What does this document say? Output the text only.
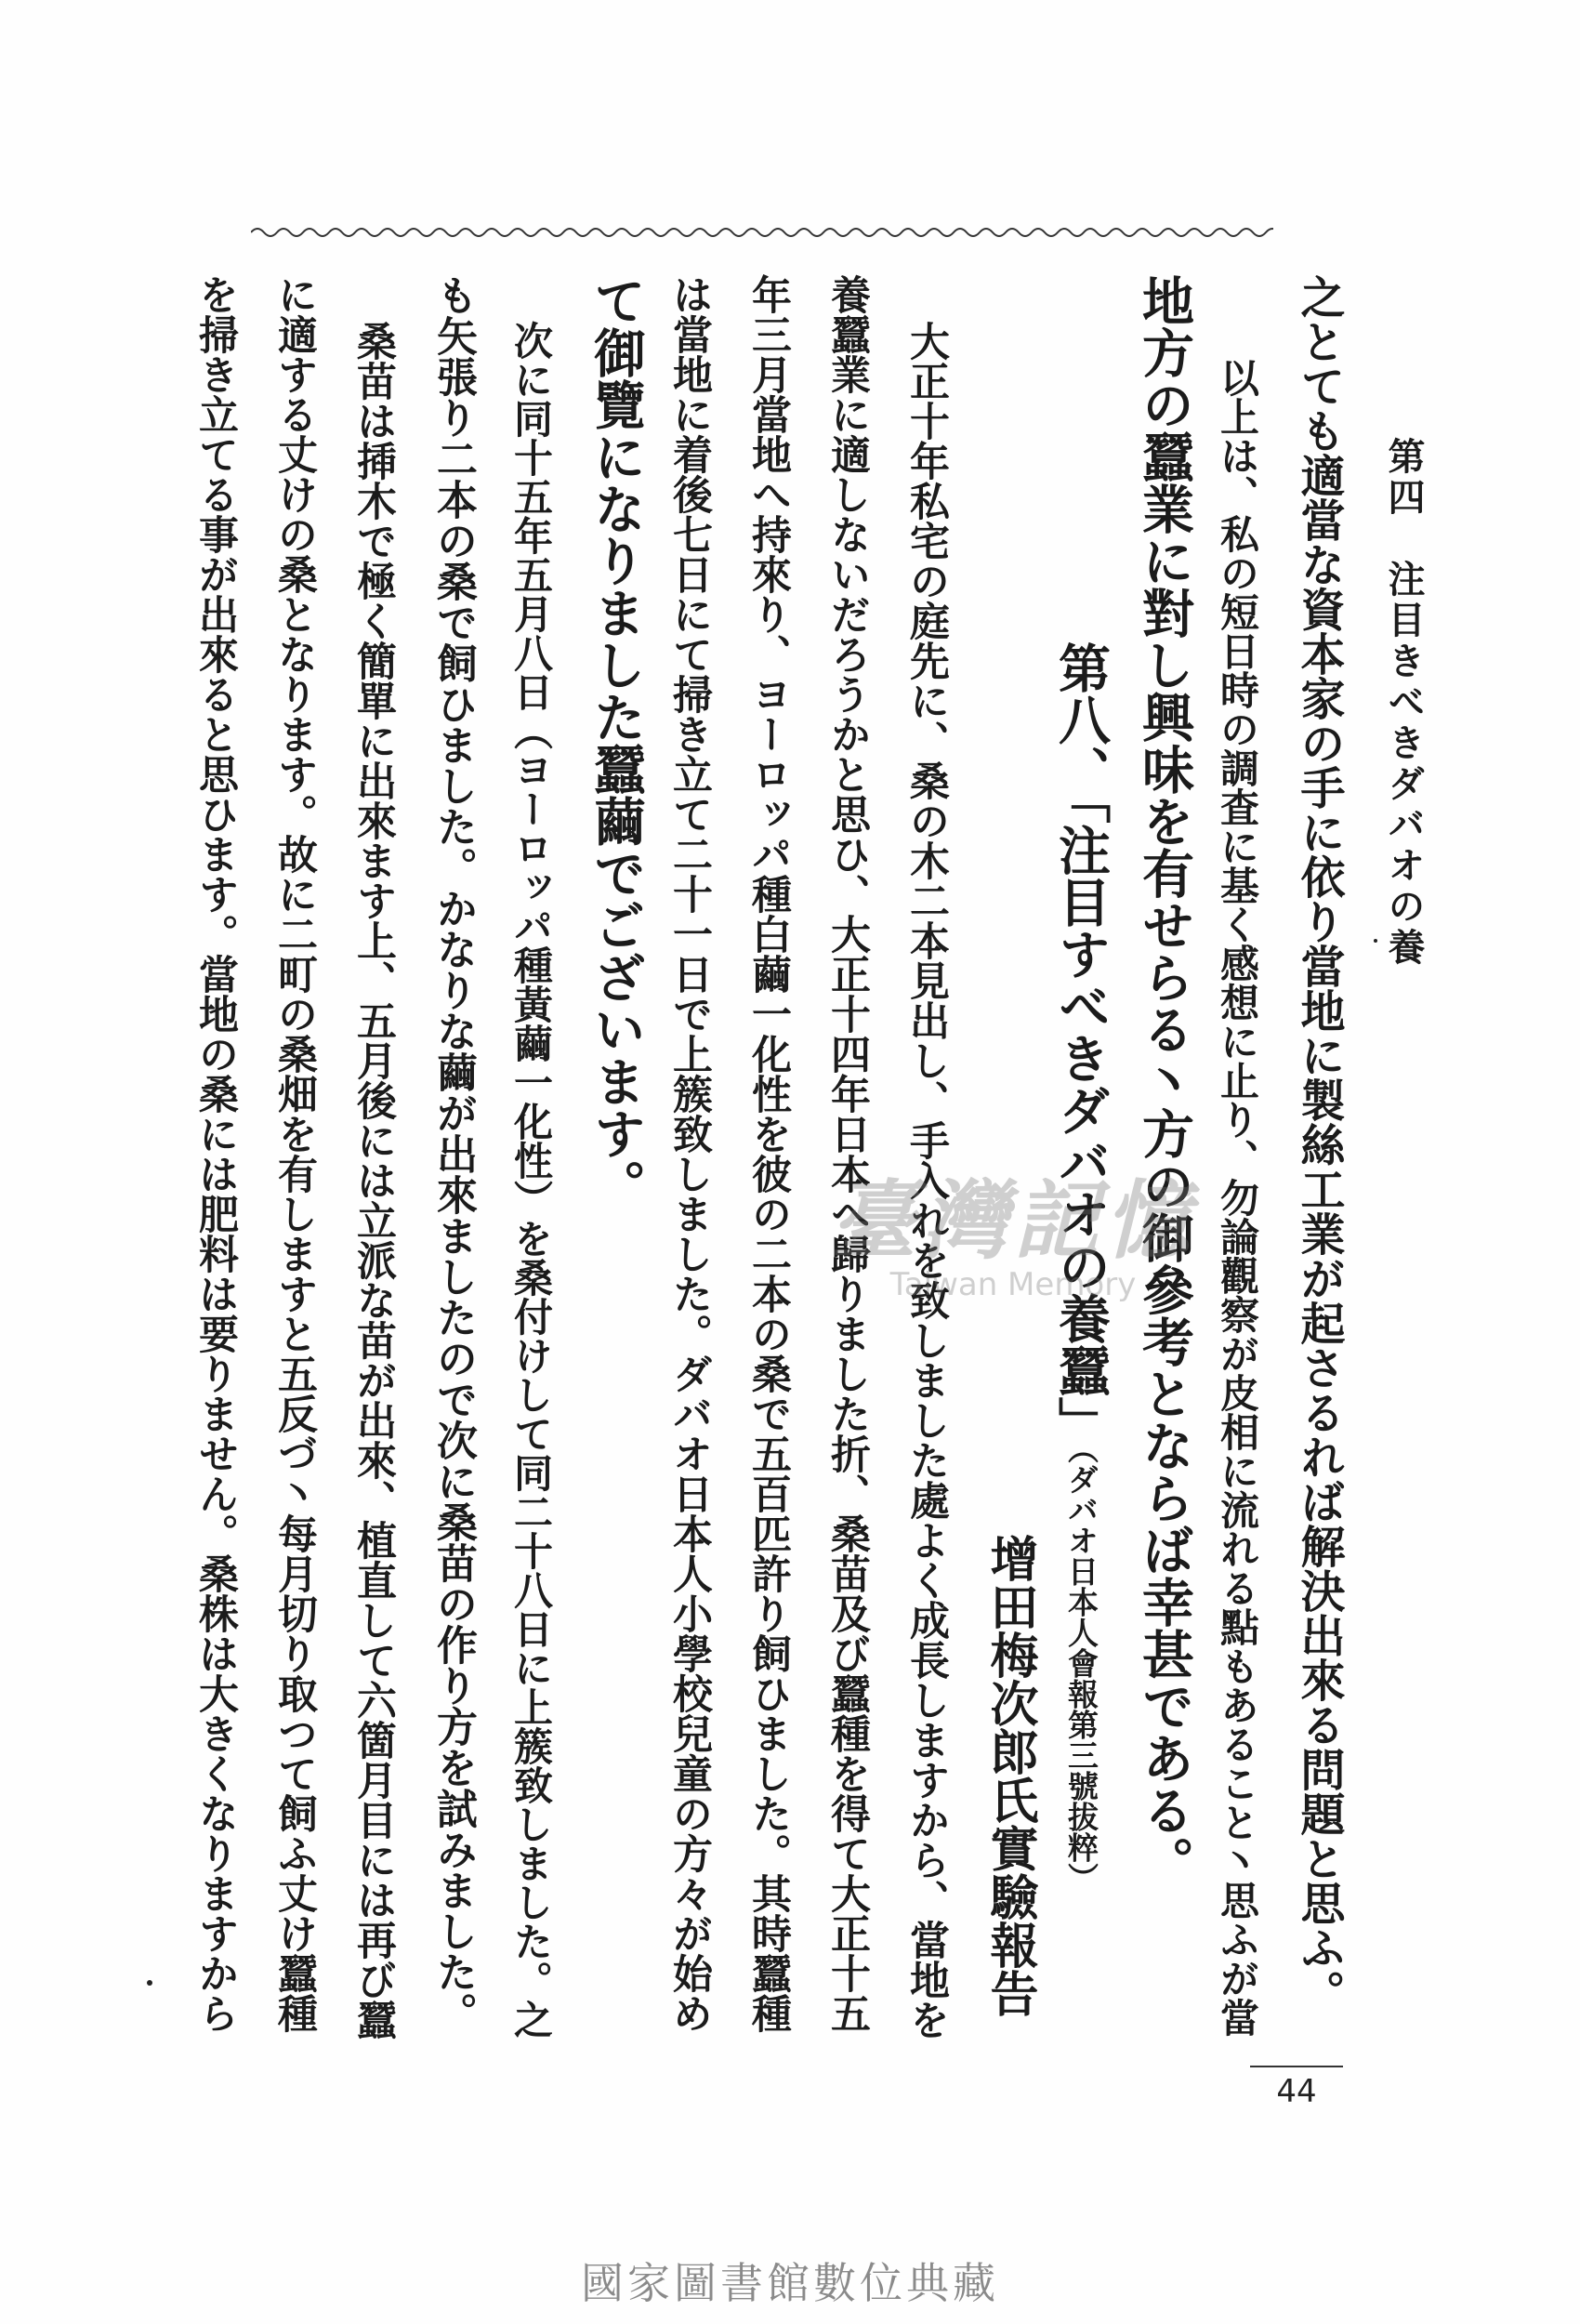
第四　注目きべきダバオの養
之とても適當な資本家の手に依り當地に製絲工業が起さるれば解決出來る問題と思ふ。
以上は、私の短日時の調査に基く感想に止り、勿論觀察が皮相に流れる點もあること丶思ふが當
地方の蠶業に對し興味を有せらる丶方の御參考とならば幸甚である。
第八、「注目すべきダバオの養蠶」（ダバオ日本人會報第三號拔粹）
增田梅次郎氏實驗報告
大正十年私宅の庭先に、桑の木二本見出し、手入れを致しました處よく成長しますから、當地を
養蠶業に適しないだろうかと思ひ、大正十四年日本へ歸りました折、桑苗及び蠶種を得て大正十五
年三月當地へ持來り、ヨーロッパ種白繭一化性を彼の二本の桑で五百匹許り飼ひました。其時蠶種
は當地に着後七日にて掃き立て二十一日で上簇致しました。ダバオ日本人小學校兒童の方々が始め
て御覽になりました蠶繭でございます。
次に同十五年五月八日（ヨーロッパ種黃繭一化性）を桑付けして同二十八日に上簇致しました。之
も矢張り二本の桑で飼ひました。かなりな繭が出來ましたので次に桑苗の作り方を試みました。
桑苗は揷木で極く簡單に出來ます上、五月後には立派な苗が出來、植直して六箇月目には再び蠶
に適する丈けの桑となります。故に二町の桑畑を有しますと五反づ丶每月切り取つて飼ふ丈け蠶種
を掃き立てる事が出來ると思ひます。當地の桑には肥料は要りません。桑株は大きくなりますから	臺灣記憶
Taiwan Memory
44
國家圖書館數位典藏
